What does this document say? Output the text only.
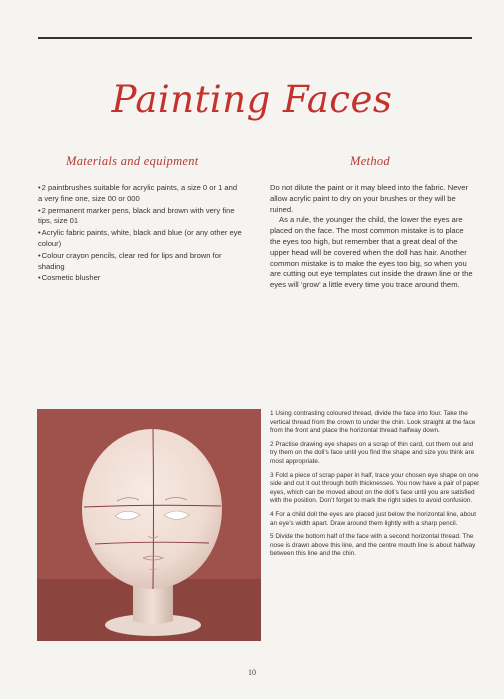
Painting Faces
Materials and equipment	Method
•2 paintbrushes suitable for acrylic paints, a size 0 or 1 and a very fine one, size 00 or 000
•2 permanent marker pens, black and brown with very fine tips, size 01
•Acrylic fabric paints, white, black and blue (or any other eye colour)
•Colour crayon pencils, clear red for lips and brown for shading
•Cosmetic blusher

Do not dilute the paint or it may bleed into the fabric. Never allow acrylic paint to dry on your brushes or they will be ruined.

As a rule, the younger the child, the lower the eyes are placed on the face. The most common mistake is to place the eyes too high, but remember that a great deal of the upper head will be covered when the doll has hair. Another common mistake is to make the eyes too big, so when you are cutting out eye templates cut inside the drawn line or the eyes will ‘grow’ a little every time you trace around them.

1 Using contrasting coloured thread, divide the face into four. Take the vertical thread from the crown to under the chin. Look straight at the face from the front and place the horizontal thread halfway down.

2 Practise drawing eye shapes on a scrap of thin card, cut them out and try them on the doll’s face until you find the shape and size you think are most appropriate.

3 Fold a piece of scrap paper in half, trace your chosen eye shape on one side and cut it out through both thicknesses. You now have a pair of paper eyes, which can be moved about on the doll’s face until you are satisfied with the position. Don’t forget to mark the right sides to avoid confusion.

4 For a child doll the eyes are placed just below the horizontal line, about an eye’s width apart. Draw around them lightly with a sharp pencil.

5 Divide the bottom half of the face with a second horizontal thread. The nose is drawn above this line, and the centre mouth line is about halfway between this line and the chin.

10
